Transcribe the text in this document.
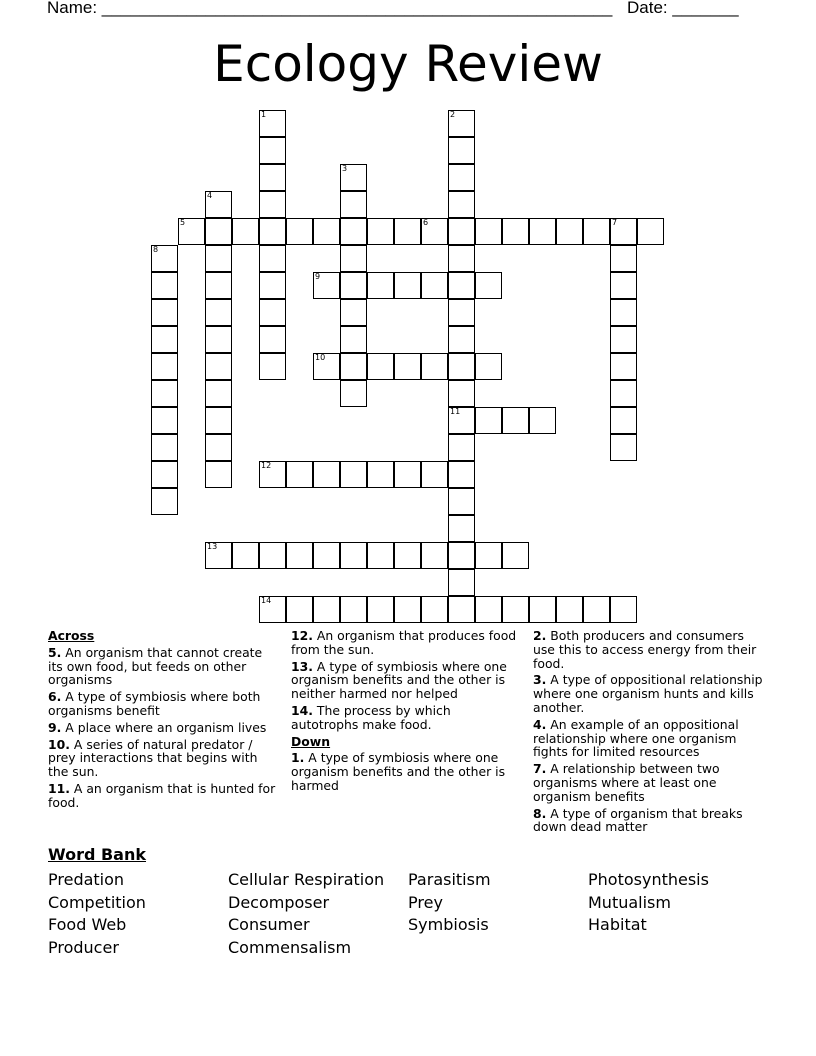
Name: ______________________________________________________ Date: _______
Ecology Review
1	2
11
3
4
5	6	7
8
9
10
12
13
14
Across
5. An organism that cannot create its own food, but feeds on other organisms
6. A type of symbiosis where both organisms benefit
9. A place where an organism lives
10. A series of natural predator / prey interactions that begins with the sun.
11. A an organism that is hunted for food.
12. An organism that produces food from the sun.
13. A type of symbiosis where one organism benefits and the other is neither harmed nor helped
14. The process by which autotrophs make food.
Down
1. A type of symbiosis where one organism benefits and the other is harmed
2. Both producers and consumers use this to access energy from their food.
3. A type of oppositional relationship where one organism hunts and kills another.
4. An example of an oppositional relationship where one organism fights for limited resources
7. A relationship between two organisms where at least one organism benefits
8. A type of organism that breaks down dead matter
Word Bank
Predation
Competition
Food Web
Producer
Cellular Respiration
Decomposer
Consumer
Commensalism
Parasitism
Prey
Symbiosis
Photosynthesis
Mutualism
Habitat
